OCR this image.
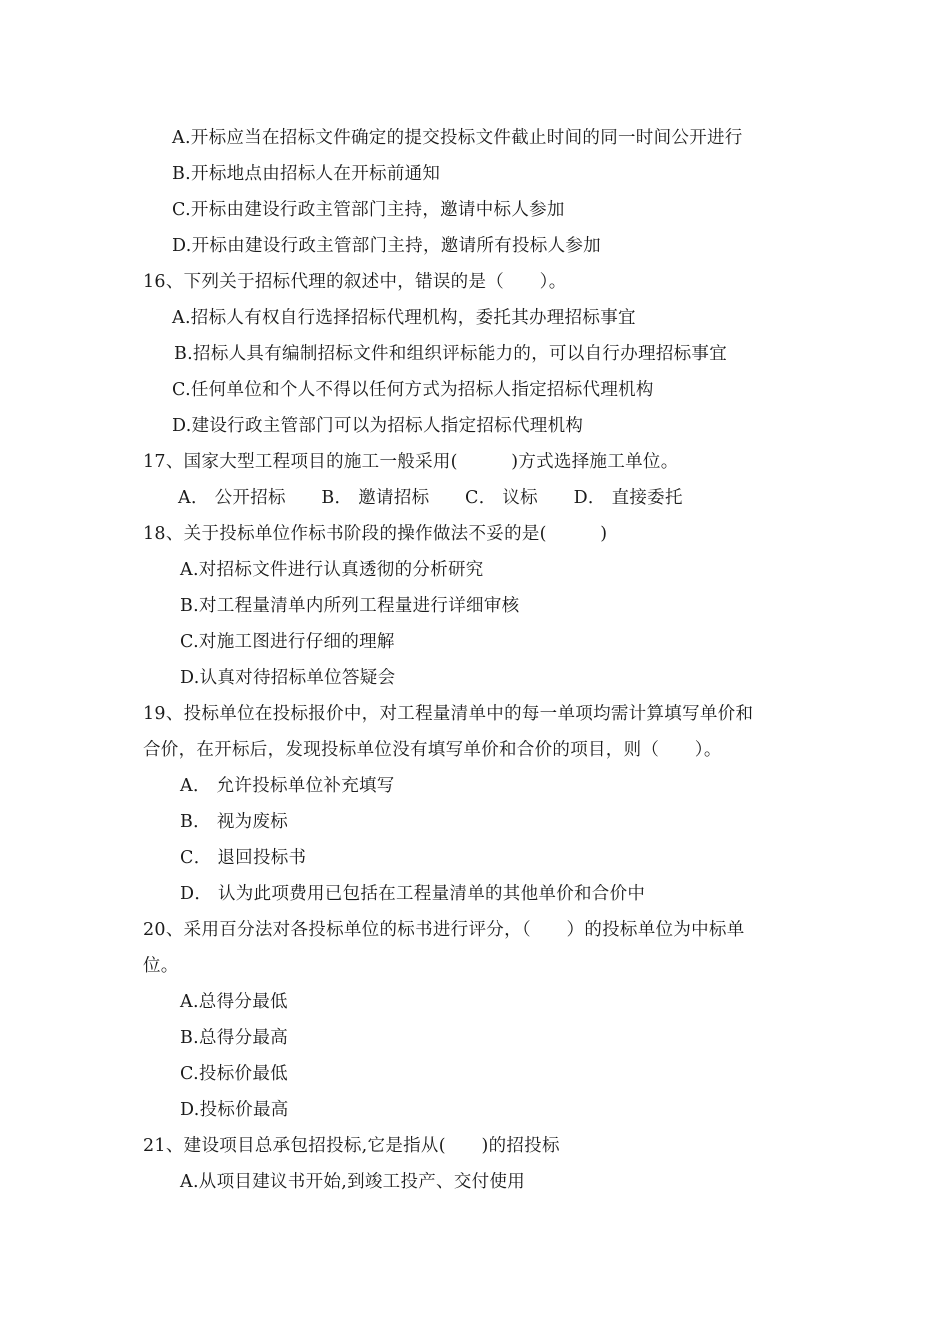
A.开标应当在招标文件确定的提交投标文件截止时间的同一时间公开进行
B.开标地点由招标人在开标前通知
C.开标由建设行政主管部门主持，邀请中标人参加
D.开标由建设行政主管部门主持，邀请所有投标人参加
16、下列关于招标代理的叙述中，错误的是（　　）。
A.招标人有权自行选择招标代理机构，委托其办理招标事宜
B.招标人具有编制招标文件和组织评标能力的，可以自行办理招标事宜
C.任何单位和个人不得以任何方式为招标人指定招标代理机构
D.建设行政主管部门可以为招标人指定招标代理机构
17、国家大型工程项目的施工一般采用(　　　)方式选择施工单位。
A． 公开招标　　B． 邀请招标　　C． 议标　　D． 直接委托
18、关于投标单位作标书阶段的操作做法不妥的是(　　　)
A.对招标文件进行认真透彻的分析研究
B.对工程量清单内所列工程量进行详细审核
C.对施工图进行仔细的理解
D.认真对待招标单位答疑会
19、投标单位在投标报价中，对工程量清单中的每一单项均需计算填写单价和
合价，在开标后，发现投标单位没有填写单价和合价的项目，则（　　）。
A． 允许投标单位补充填写
B． 视为废标
C． 退回投标书
D． 认为此项费用已包括在工程量清单的其他单价和合价中
20、采用百分法对各投标单位的标书进行评分，（　　）的投标单位为中标单
位。
A.总得分最低
B.总得分最高
C.投标价最低
D.投标价最高
21、建设项目总承包招投标,它是指从(　　)的招投标
A.从项目建议书开始,到竣工投产、交付使用
